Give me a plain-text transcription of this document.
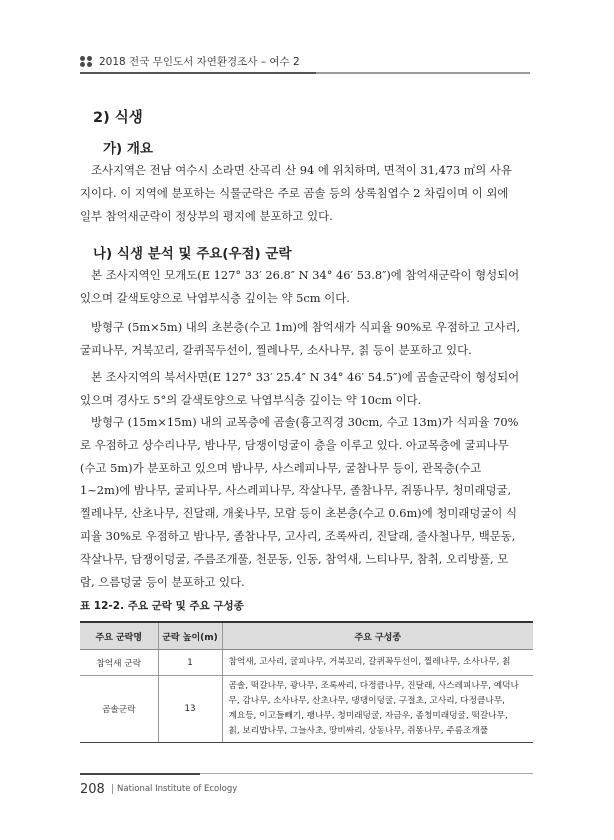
2018 전국 무인도서 자연환경조사 – 여수 2
2) 식생
가) 개요
조사지역은 전남 여수시 소라면 산곡리 산 94 에 위치하며, 면적이 31,473 ㎡의 사유
지이다. 이 지역에 분포하는 식물군락은 주로 곰솔 등의 상록침엽수 2 차림이며 이 외에
일부 참억새군락이 정상부의 평지에 분포하고 있다.
나) 식생 분석 및 주요(우점) 군락
본 조사지역인 모개도(E 127° 33′ 26.8″ N 34° 46′ 53.8″)에 참억새군락이 형성되어
있으며 갈색토양으로 낙엽부식층 깊이는 약 5cm 이다.
방형구 (5m×5m) 내의 초본층(수고 1m)에 참억새가 식피율 90%로 우점하고 고사리,
굴피나무, 거북꼬리, 갈퀴꼭두선이, 찔레나무, 소사나무, 칡 등이 분포하고 있다.
본 조사지역의 북서사면(E 127° 33′ 25.4″ N 34° 46′ 54.5″)에 곰솔군락이 형성되어
있으며 경사도 5°의 갈색토양으로 낙엽부식층 깊이는 약 10cm 이다.
방형구 (15m×15m) 내의 교목층에 곰솔(흉고직경 30cm, 수고 13m)가 식피율 70%
로 우점하고 상수리나무, 밤나무, 담쟁이덩굴이 층을 이루고 있다. 아교목층에 굴피나무
(수고 5m)가 분포하고 있으며 밤나무, 사스레피나무, 굴참나무 등이, 관목층(수고
1~2m)에 밤나무, 굴피나무, 사스레피나무, 작살나무, 졸참나무, 쥐똥나무, 청미래덩굴,
찔레나무, 산초나무, 진달래, 개옻나무, 모람 등이 초본층(수고 0.6m)에 청미래덩굴이 식
피율 30%로 우점하고 밤나무, 졸참나무, 고사리, 조록싸리, 진달래, 줄사철나무, 백문동,
작살나무, 담쟁이덩굴, 주름조개풀, 천문동, 인동, 참억새, 느티나무, 참취, 오리방풀, 모
람, 으름덩굴 등이 분포하고 있다.
표 12-2. 주요 군락 및 주요 구성종
주요 군락명	군락 높이(m)	주요 구성종
참억새 군락	1	참억새, 고사리, 굴피나무, 거북꼬리, 갈퀴꼭두선이, 찔레나무, 소사나무, 칡

곰솔군락	13	곰솔, 떡갈나무, 광나무, 조록싸리, 다정큼나무, 진달래, 사스레피나무, 예덕나
무, 감나무, 소사나무, 산초나무, 댕댕이덩굴, 구절초, 고사리, 다정큼나무,
계요등, 이고들빼기, 팽나무, 청미래덩굴, 자금우, 좀청미래덩굴, 떡갈나무,
칡, 보리밥나무, 그늘사초, 땅비싸리, 상동나무, 쥐똥나무, 주름조개풀
208 National Institute of Ecology
